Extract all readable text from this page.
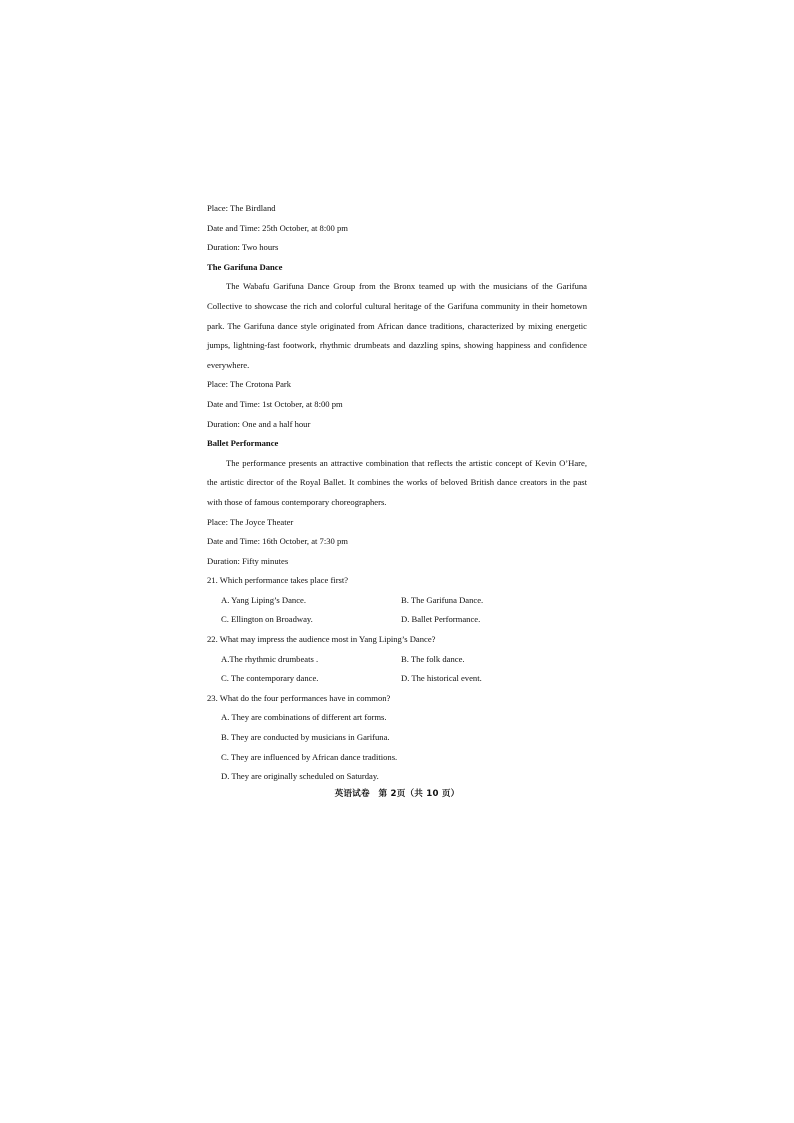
Place: The Birdland
Date and Time: 25th October, at 8:00 pm
Duration: Two hours
The Garifuna Dance
The Wabafu Garifuna Dance Group from the Bronx teamed up with the musicians of the Garifuna Collective to showcase the rich and colorful cultural heritage of the Garifuna community in their hometown park. The Garifuna dance style originated from African dance traditions, characterized by mixing energetic jumps, lightning-fast footwork, rhythmic drumbeats and dazzling spins, showing happiness and confidence everywhere.
Place: The Crotona Park
Date and Time: 1st October, at 8:00 pm
Duration: One and a half hour
Ballet Performance
The performance presents an attractive combination that reflects the artistic concept of Kevin O’Hare, the artistic director of the Royal Ballet. It combines the works of beloved British dance creators in the past with those of famous contemporary choreographers.
Place: The Joyce Theater
Date and Time: 16th October, at 7:30 pm
Duration: Fifty minutes
21. Which performance takes place first?
A. Yang Liping’s Dance.	B. The Garifuna Dance.
C. Ellington on Broadway.	D. Ballet Performance.
22. What may impress the audience most in Yang Liping’s Dance?
A.The rhythmic drumbeats .	B. The folk dance.
C. The contemporary dance.	D. The historical event.
23. What do the four performances have in common?
A. They are combinations of different art forms.
B. They are conducted by musicians in Garifuna.
C. They are influenced by African dance traditions.
D. They are originally scheduled on Saturday.
英语试卷　第 2页（共 10 页）
